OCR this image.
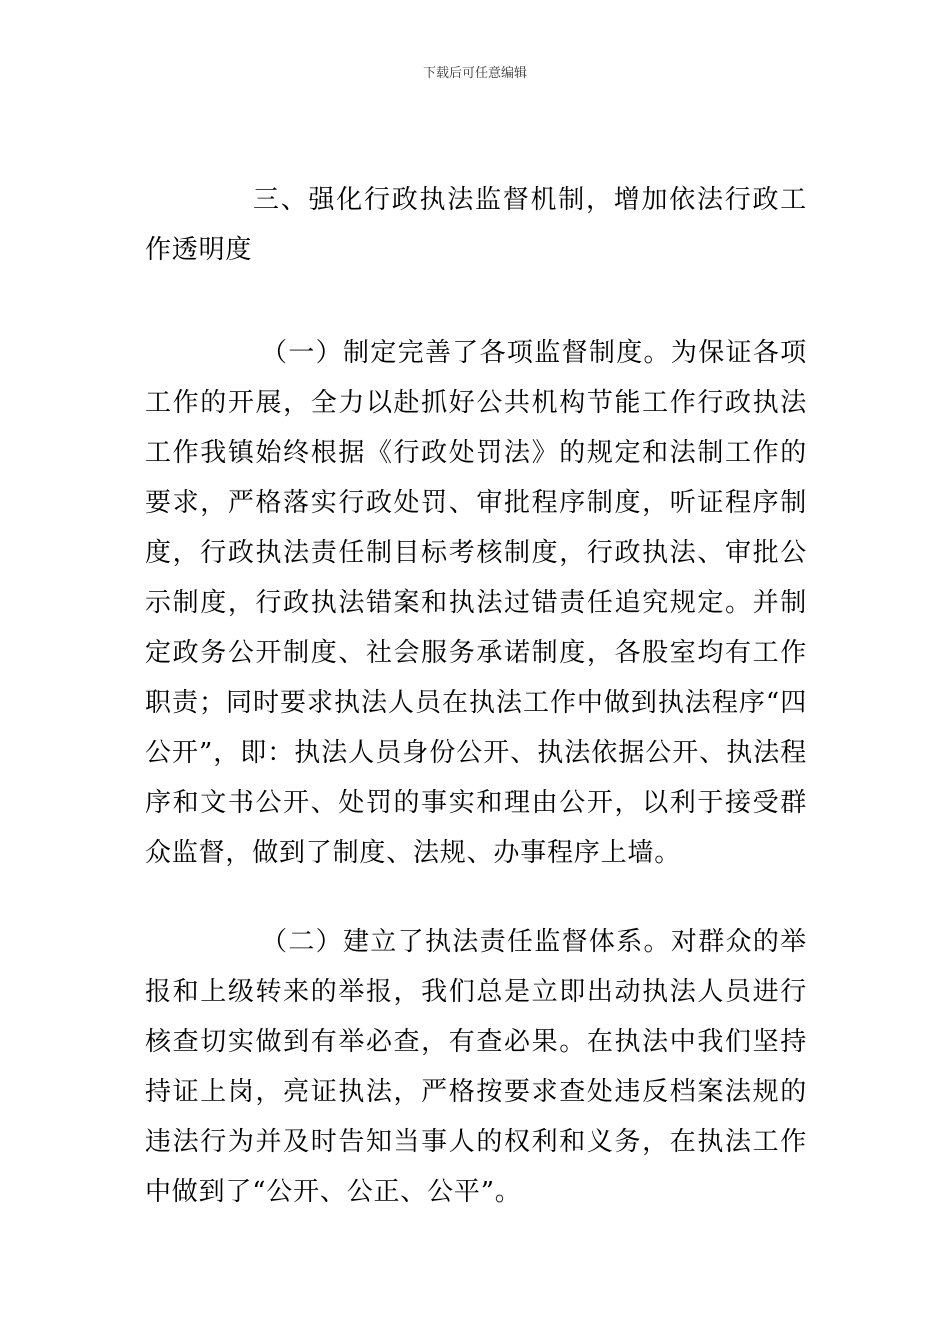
下载后可任意编辑
三、强化行政执法监督机制，增加依法行政工作透明度
（一）制定完善了各项监督制度。为保证各项工作的开展，全力以赴抓好公共机构节能工作行政执法工作我镇始终根据《行政处罚法》的规定和法制工作的要求，严格落实行政处罚、审批程序制度，听证程序制度，行政执法责任制目标考核制度，行政执法、审批公示制度，行政执法错案和执法过错责任追究规定。并制定政务公开制度、社会服务承诺制度，各股室均有工作职责；同时要求执法人员在执法工作中做到执法程序“四公开”，即：执法人员身份公开、执法依据公开、执法程序和文书公开、处罚的事实和理由公开，以利于接受群众监督，做到了制度、法规、办事程序上墙。
（二）建立了执法责任监督体系。对群众的举报和上级转来的举报，我们总是立即出动执法人员进行核查切实做到有举必查，有查必果。在执法中我们坚持持证上岗，亮证执法，严格按要求查处违反档案法规的违法行为并及时告知当事人的权利和义务，在执法工作中做到了“公开、公正、公平”。
